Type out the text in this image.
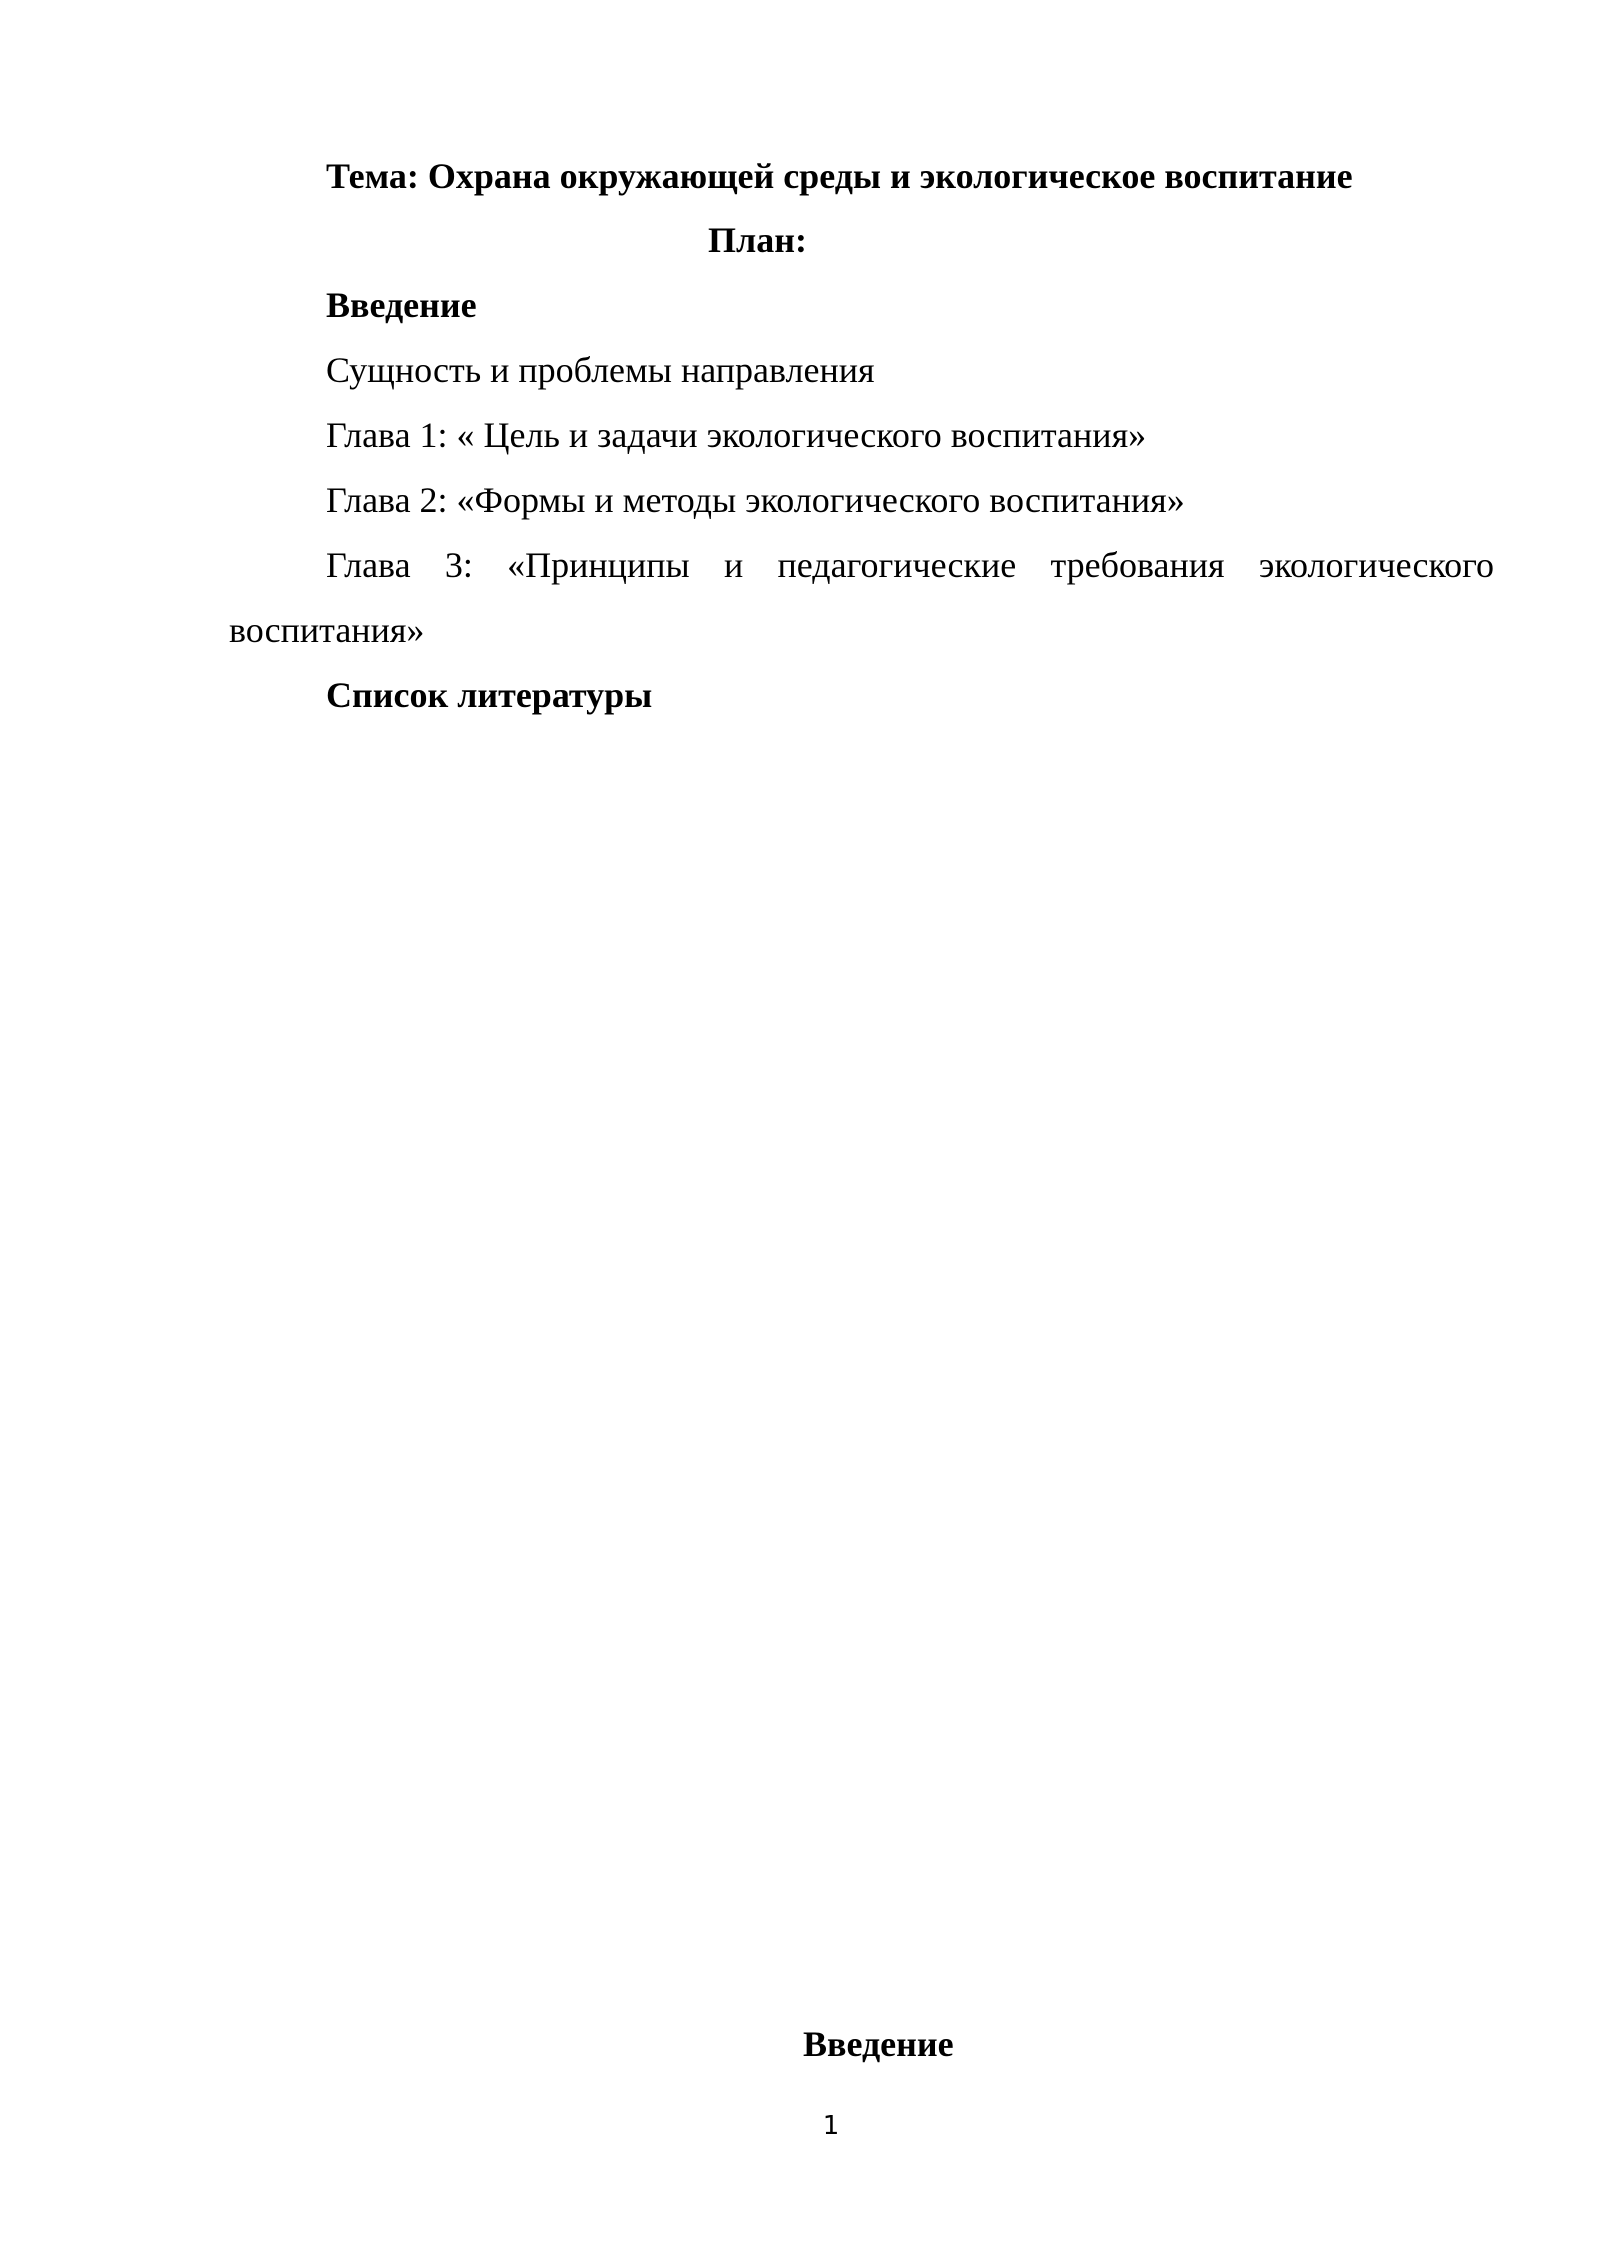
Тема: Охрана окружающей среды и экологическое воспитание
План:
Введение
Сущность и проблемы направления
Глава 1: « Цель и задачи экологического воспитания»
Глава 2: «Формы и методы экологического воспитания»
Глава 3: «Принципы и педагогические требования экологического
воспитания»
Список литературы
Введение
1
